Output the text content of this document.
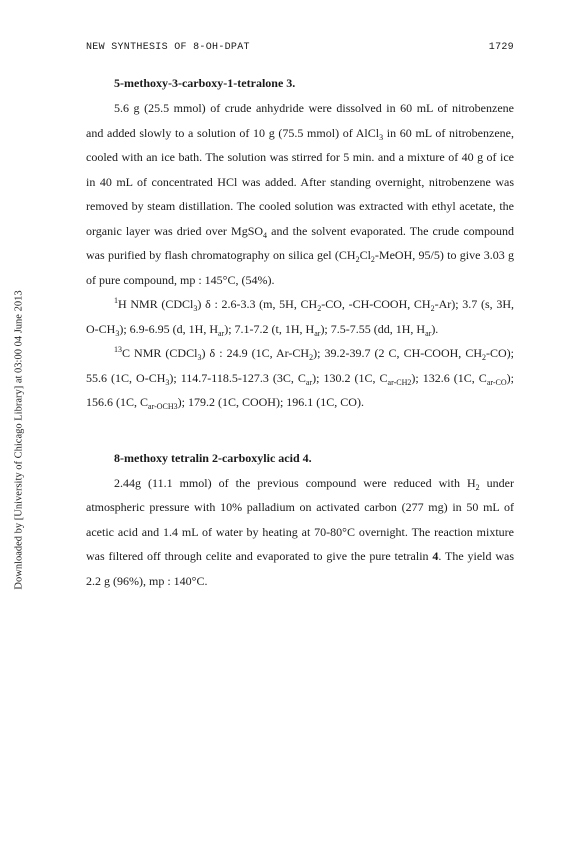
NEW SYNTHESIS OF 8-OH-DPAT	1729
Downloaded by [University of Chicago Library] at 03:00 04 June 2013

5-methoxy-3-carboxy-1-tetralone 3.

5.6 g (25.5 mmol) of crude anhydride were dissolved in 60 mL of nitrobenzene and added slowly to a solution of 10 g (75.5 mmol) of AlCl$_3$ in 60 mL of nitrobenzene, cooled with an ice bath. The solution was stirred for 5 min. and a mixture of 40 g of ice in 40 mL of concentrated HCl was added. After standing overnight, nitrobenzene was removed by steam distillation. The cooled solution was extracted with ethyl acetate, the organic layer was dried over MgSO$_4$ and the solvent evaporated. The crude compound was purified by flash chromatography on silica gel ($CH_2Cl_2$-MeOH, 95/5) to give 3.03 g of pure compound, mp : 145°C, (54%).

$^1$H NMR (CDCl$_3$) δ : 2.6-3.3 (m, 5H, $CH_2-CO$, -CH-COOH, $CH_2-Ar$); 3.7 (s, 3H, $O-CH_3$); 6.9-6.95 (d, 1H, $H_{ar}$); 7.1-7.2 (t, 1H, $H_{ar}$); 7.5-7.55 (dd, 1H, $H_{ar}$).

$^{13}$C NMR (CDCl$_3$) δ : 24.9 (1C, $Ar-CH_2$); 39.2-39.7 (2 C, CH-COOH, $CH_2-CO$); 55.6 (1C, $O-CH_3$); 114.7-118.5-127.3 (3C, $C_{ar}$); 130.2 (1C, $C_{ar-CH2}$); 132.6 (1C, $C_{ar-CO}$); 156.6 (1C, $C_{ar-OCH3}$); 179.2 (1C, COOH); 196.1 (1C, CO).

8-methoxy tetralin 2-carboxylic acid 4.

2.44g (11.1 mmol) of the previous compound were reduced with $H_2$ under atmospheric pressure with 10% palladium on activated carbon (277 mg) in 50 mL of acetic acid and 1.4 mL of water by heating at 70-80°C overnight. The reaction mixture was filtered off through celite and evaporated to give the pure tetralin 4. The yield was 2.2 g (96%), mp : 140°C.
